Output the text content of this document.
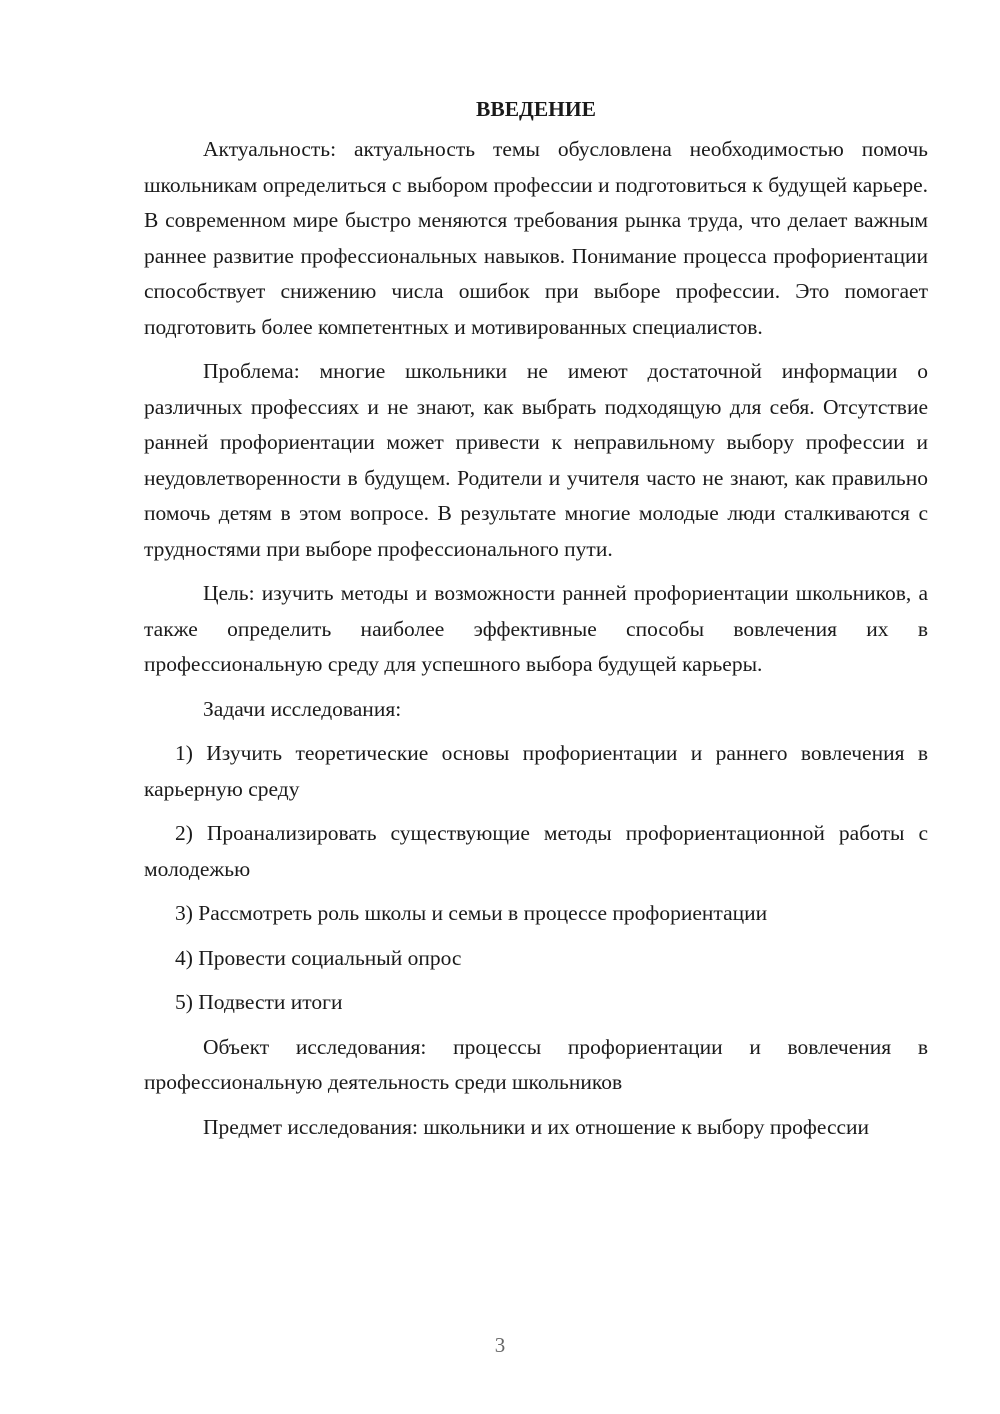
ВВЕДЕНИЕ

Актуальность: актуальность темы обусловлена необходимостью помочь школьникам определиться с выбором профессии и подготовиться к будущей карьере. В современном мире быстро меняются требования рынка труда, что делает важным раннее развитие профессиональных навыков. Понимание процесса профориентации способствует снижению числа ошибок при выборе профессии. Это помогает подготовить более компетентных и мотивированных специалистов.

Проблема: многие школьники не имеют достаточной информации о различных профессиях и не знают, как выбрать подходящую для себя. Отсутствие ранней профориентации может привести к неправильному выбору профессии и неудовлетворенности в будущем. Родители и учителя часто не знают, как правильно помочь детям в этом вопросе. В результате многие молодые люди сталкиваются с трудностями при выборе профессионального пути.

Цель: изучить методы и возможности ранней профориентации школьников, а также определить наиболее эффективные способы вовлечения их в профессиональную среду для успешного выбора будущей карьеры.

Задачи исследования:

1) Изучить теоретические основы профориентации и раннего вовлечения в карьерную среду

2) Проанализировать существующие методы профориентационной работы с молодежью

3) Рассмотреть роль школы и семьи в процессе профориентации

4) Провести социальный опрос

5) Подвести итоги

Объект исследования: процессы профориентации и вовлечения в профессиональную деятельность среди школьников

Предмет исследования: школьники и их отношение к выбору профессии

3
